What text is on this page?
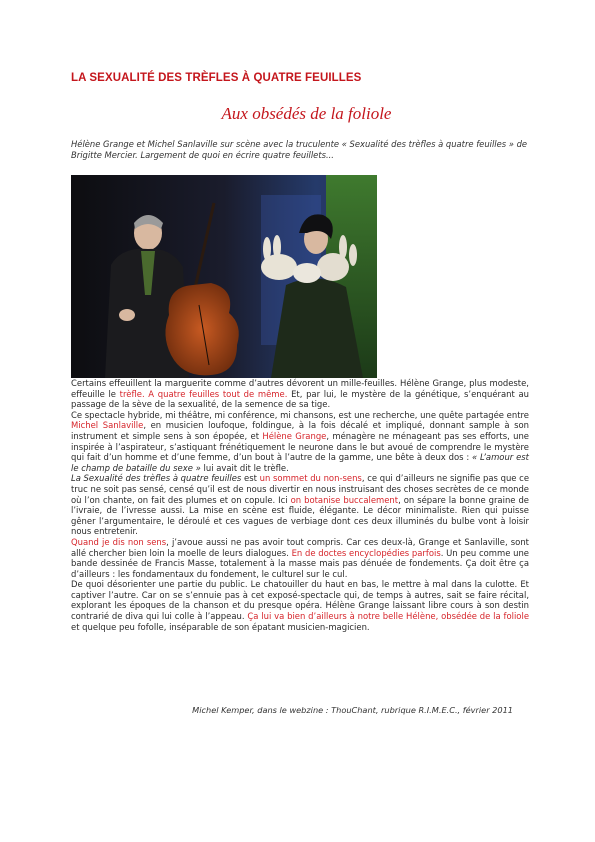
LA SEXUALITÉ DES TRÈFLES À QUATRE FEUILLES
Aux obsédés de la foliole
Hélène Grange et Michel Sanlaville sur scène avec la truculente « Sexualité des trèfles à quatre feuilles » de Brigitte Mercier. Largement de quoi en écrire quatre feuillets...

Certains effeuillent la marguerite comme d’autres dévorent un mille-feuilles. Hélène Grange, plus modeste, effeuille le trèfle. A quatre feuilles tout de même. Et, par lui, le mystère de la génétique, s’enquérant au passage de la sève de la sexualité, de la semence de sa tige.

Ce spectacle hybride, mi théâtre, mi conférence, mi chansons, est une recherche, une quête partagée entre Michel Sanlaville, en musicien loufoque, foldingue, à la fois décalé et impliqué, donnant sample à son instrument et simple sens à son épopée, et Hélène Grange, ménagère ne ménageant pas ses efforts, une inspirée à l’aspirateur, s’astiquant frénétiquement le neurone dans le but avoué de comprendre le mystère qui fait d’un homme et d’une femme, d’un bout à l’autre de la gamme, une bête à deux dos : « L’amour est le champ de bataille du sexe » lui avait dit le trèfle.

La Sexualité des trèfles à quatre feuilles est un sommet du non-sens, ce qui d’ailleurs ne signifie pas que ce truc ne soit pas sensé, censé qu’il est de nous divertir en nous instruisant des choses secrètes de ce monde où l’on chante, on fait des plumes et on copule. Ici on botanise buccalement, on sépare la bonne graine de l’ivraie, de l’ivresse aussi. La mise en scène est fluide, élégante. Le décor minimaliste. Rien qui puisse gêner l’argumentaire, le déroulé et ces vagues de verbiage dont ces deux illuminés du bulbe vont à loisir nous entretenir.

Quand je dis non sens, j’avoue aussi ne pas avoir tout compris. Car ces deux-là, Grange et Sanlaville, sont allé chercher bien loin la moelle de leurs dialogues. En de doctes encyclopédies parfois. Un peu comme une bande dessinée de Francis Masse, totalement à la masse mais pas dénuée de fondements. Ça doit être ça d’ailleurs : les fondamentaux du fondement, le culturel sur le cul.

De quoi désorienter une partie du public. Le chatouiller du haut en bas, le mettre à mal dans la culotte. Et captiver l’autre. Car on se s’ennuie pas à cet exposé-spectacle qui, de temps à autres, sait se faire récital, explorant les époques de la chanson et du presque opéra. Hélène Grange laissant libre cours à son destin contrarié de diva qui lui colle à l’appeau. Ça lui va bien d’ailleurs à notre belle Hélène, obsédée de la foliole et quelque peu fofolle, inséparable de son épatant musicien-magicien.

Michel Kemper, dans le webzine : ThouChant, rubrique R.I.M.E.C., février 2011
